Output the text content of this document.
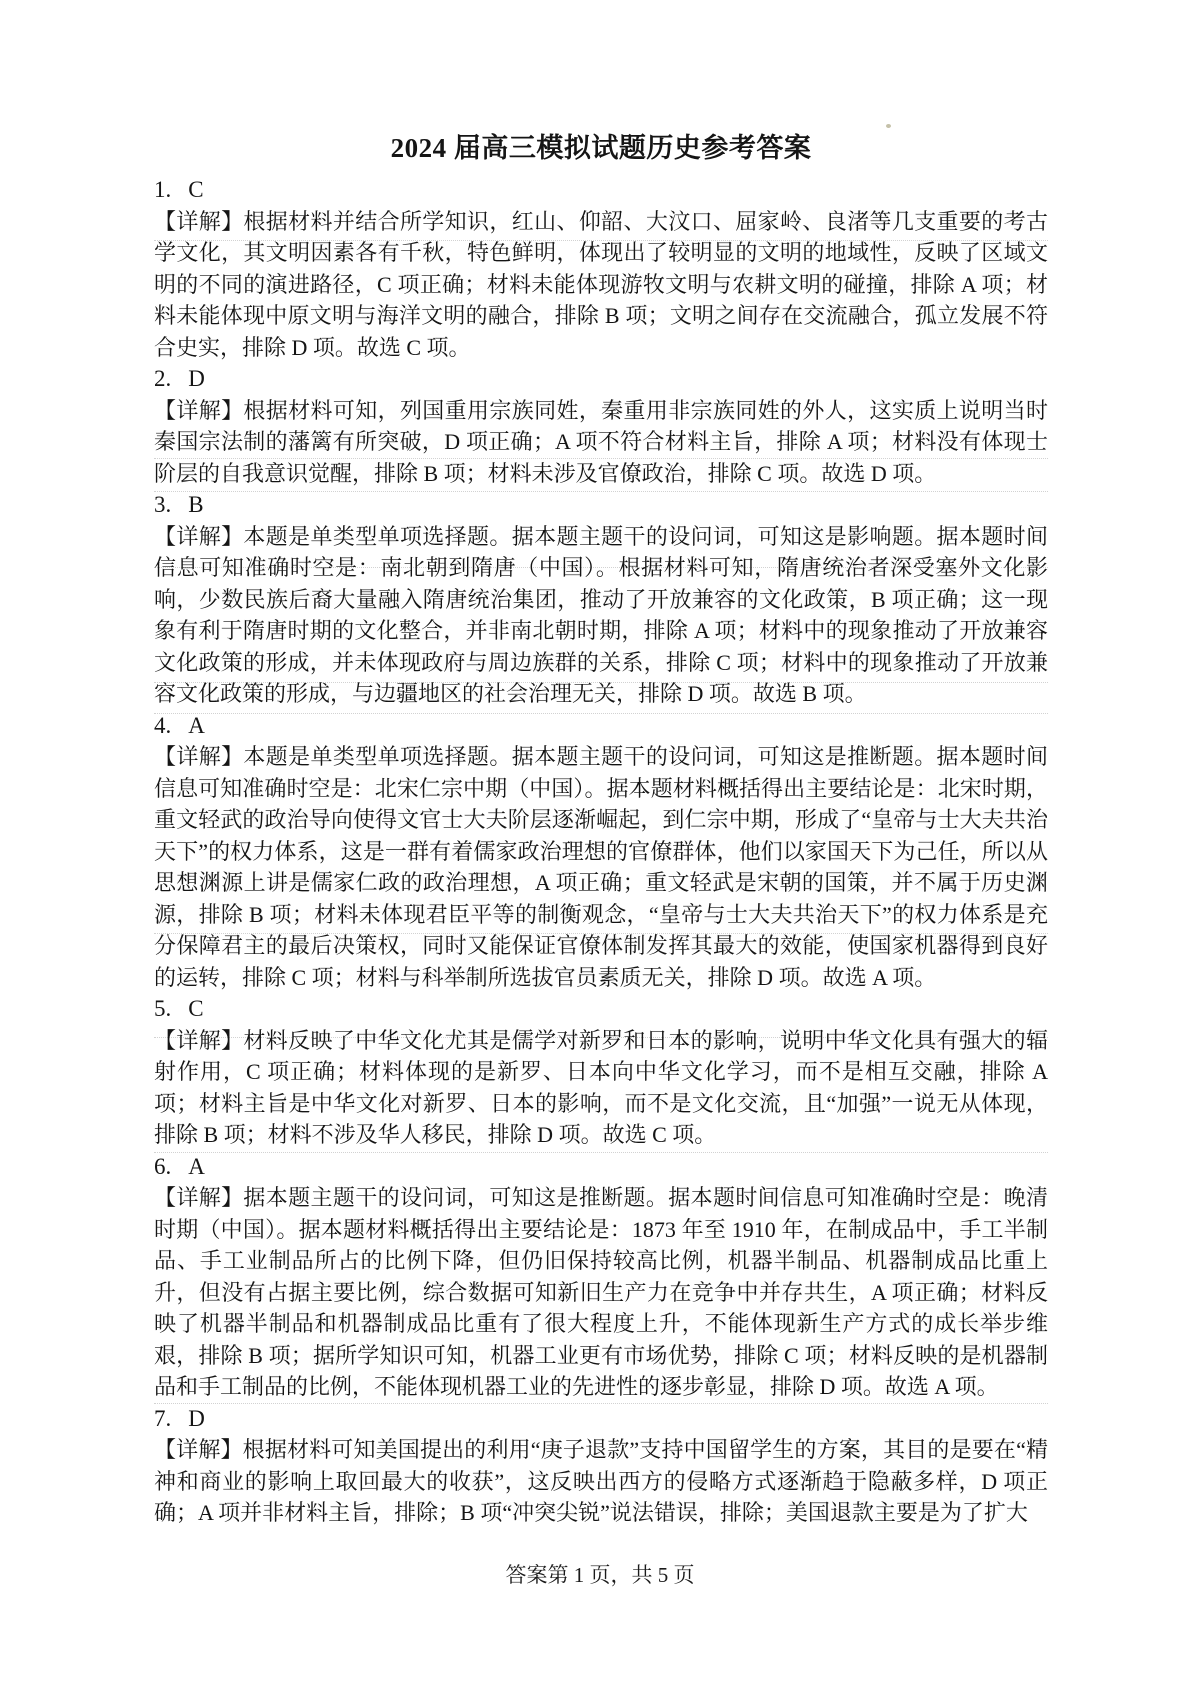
2024 届高三模拟试题历史参考答案
1. C

【详解】根据材料并结合所学知识，红山、仰韶、大汶口、屈家岭、良渚等几支重要的考古学文化，其文明因素各有千秋，特色鲜明，体现出了较明显的文明的地域性，反映了区域文明的不同的演进路径，C 项正确；材料未能体现游牧文明与农耕文明的碰撞，排除 A 项；材料未能体现中原文明与海洋文明的融合，排除 B 项；文明之间存在交流融合，孤立发展不符合史实，排除 D 项。故选 C 项。

2. D

【详解】根据材料可知，列国重用宗族同姓，秦重用非宗族同姓的外人，这实质上说明当时秦国宗法制的藩篱有所突破，D 项正确；A 项不符合材料主旨，排除 A 项；材料没有体现士阶层的自我意识觉醒，排除 B 项；材料未涉及官僚政治，排除 C 项。故选 D 项。

3. B

【详解】本题是单类型单项选择题。据本题主题干的设问词，可知这是影响题。据本题时间信息可知准确时空是：南北朝到隋唐（中国）。根据材料可知，隋唐统治者深受塞外文化影响，少数民族后裔大量融入隋唐统治集团，推动了开放兼容的文化政策，B 项正确；这一现象有利于隋唐时期的文化整合，并非南北朝时期，排除 A 项；材料中的现象推动了开放兼容文化政策的形成，并未体现政府与周边族群的关系，排除 C 项；材料中的现象推动了开放兼容文化政策的形成，与边疆地区的社会治理无关，排除 D 项。故选 B 项。

4. A

【详解】本题是单类型单项选择题。据本题主题干的设问词，可知这是推断题。据本题时间信息可知准确时空是：北宋仁宗中期（中国）。据本题材料概括得出主要结论是：北宋时期，重文轻武的政治导向使得文官士大夫阶层逐渐崛起，到仁宗中期，形成了“皇帝与士大夫共治天下”的权力体系，这是一群有着儒家政治理想的官僚群体，他们以家国天下为己任，所以从思想渊源上讲是儒家仁政的政治理想，A 项正确；重文轻武是宋朝的国策，并不属于历史渊源，排除 B 项；材料未体现君臣平等的制衡观念，“皇帝与士大夫共治天下”的权力体系是充分保障君主的最后决策权，同时又能保证官僚体制发挥其最大的效能，使国家机器得到良好的运转，排除 C 项；材料与科举制所选拔官员素质无关，排除 D 项。故选 A 项。

5. C

【详解】材料反映了中华文化尤其是儒学对新罗和日本的影响，说明中华文化具有强大的辐射作用，C 项正确；材料体现的是新罗、日本向中华文化学习，而不是相互交融，排除 A 项；材料主旨是中华文化对新罗、日本的影响，而不是文化交流，且“加强”一说无从体现，排除 B 项；材料不涉及华人移民，排除 D 项。故选 C 项。

6. A

【详解】据本题主题干的设问词，可知这是推断题。据本题时间信息可知准确时空是：晚清时期（中国）。据本题材料概括得出主要结论是：1873 年至 1910 年，在制成品中，手工半制品、手工业制品所占的比例下降，但仍旧保持较高比例，机器半制品、机器制成品比重上升，但没有占据主要比例，综合数据可知新旧生产力在竞争中并存共生，A 项正确；材料反映了机器半制品和机器制成品比重有了很大程度上升，不能体现新生产方式的成长举步维艰，排除 B 项；据所学知识可知，机器工业更有市场优势，排除 C 项；材料反映的是机器制品和手工制品的比例，不能体现机器工业的先进性的逐步彰显，排除 D 项。故选 A 项。

7. D

【详解】根据材料可知美国提出的利用“庚子退款”支持中国留学生的方案，其目的是要在“精神和商业的影响上取回最大的收获”，这反映出西方的侵略方式逐渐趋于隐蔽多样，D 项正确；A 项并非材料主旨，排除；B 项“冲突尖锐”说法错误，排除；美国退款主要是为了扩大

答案第 1 页，共 5 页
